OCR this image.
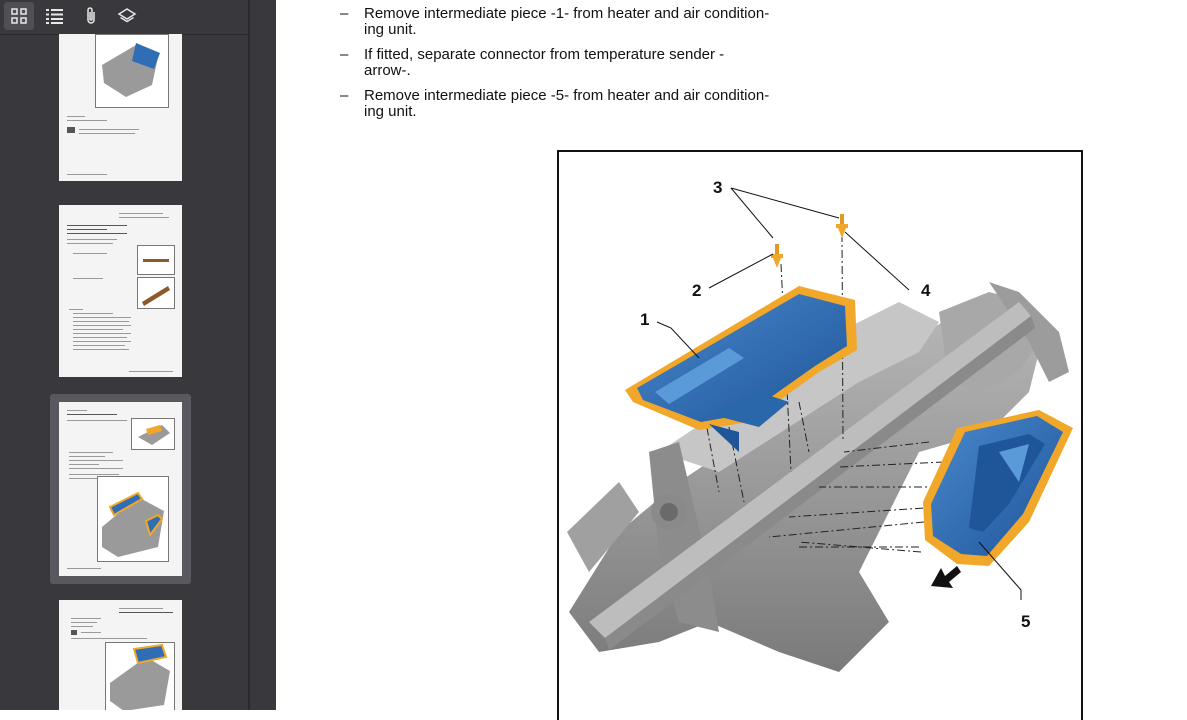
– Remove intermediate piece -1- from heater and air condition-ing unit.
– If fitted, separate connector from temperature sender -arrow-.
– Remove intermediate piece -5- from heater and air condition-ing unit.
3
2	4
1
5
